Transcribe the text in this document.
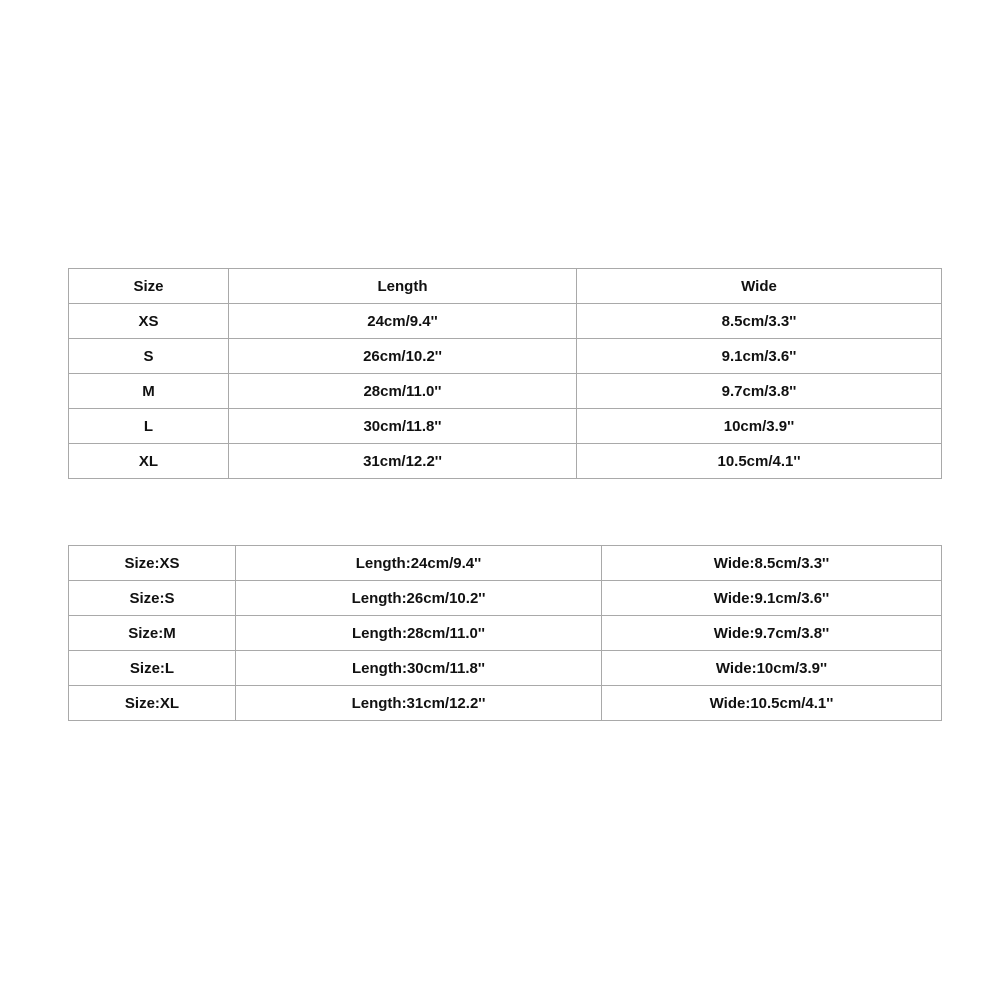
Size	Length	Wide
XS	24cm/9.4''	8.5cm/3.3''
S	26cm/10.2''	9.1cm/3.6''
M	28cm/11.0''	9.7cm/3.8''
L	30cm/11.8''	10cm/3.9''
XL	31cm/12.2''	10.5cm/4.1''
Size:XS	Length:24cm/9.4''	Wide:8.5cm/3.3''
Size:S	Length:26cm/10.2''	Wide:9.1cm/3.6''
Size:M	Length:28cm/11.0''	Wide:9.7cm/3.8''
Size:L	Length:30cm/11.8''	Wide:10cm/3.9''
Size:XL	Length:31cm/12.2''	Wide:10.5cm/4.1''
